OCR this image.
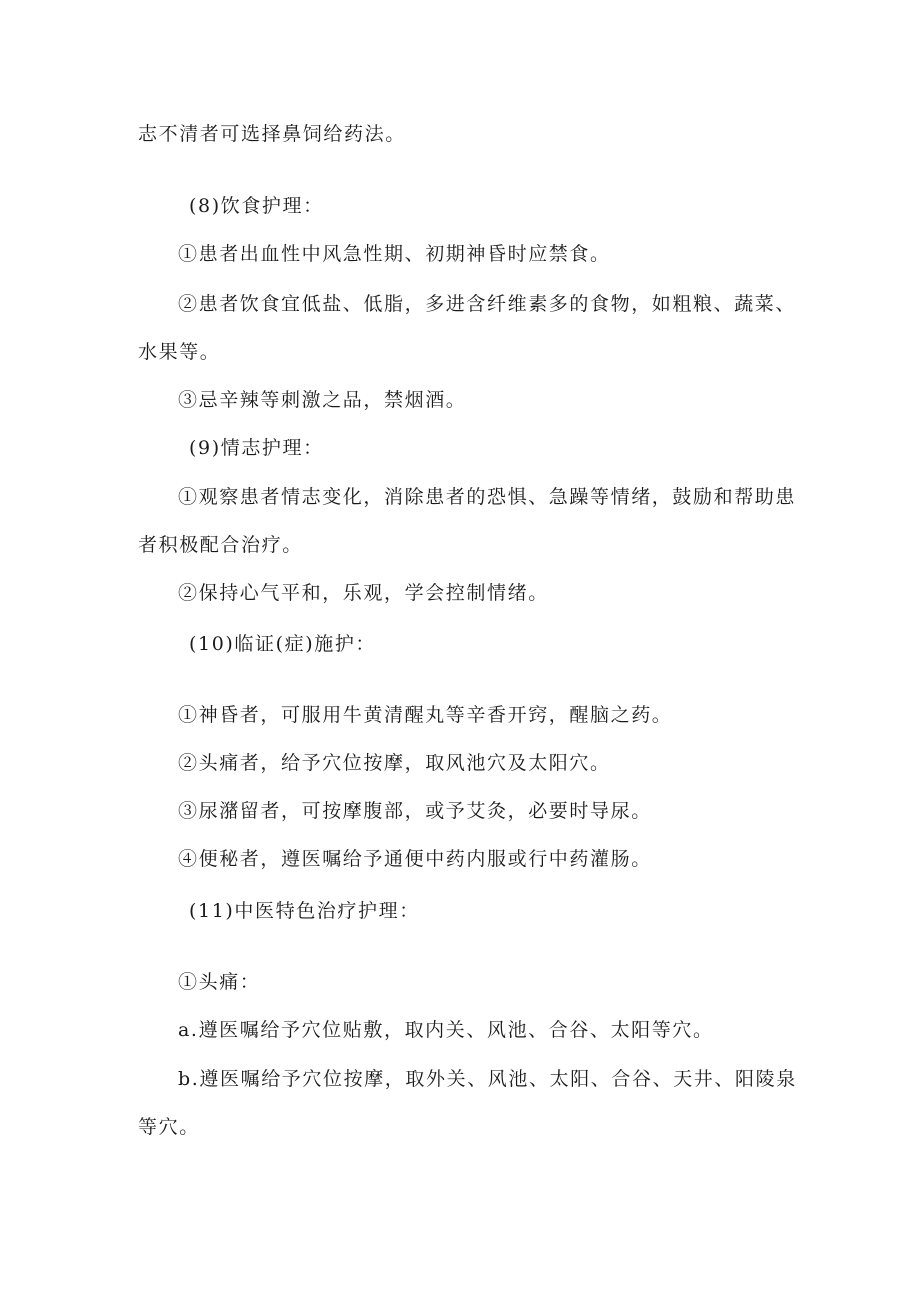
志不清者可选择鼻饲给药法。
(8)饮食护理：
①患者出血性中风急性期、初期神昏时应禁食。
②患者饮食宜低盐、低脂，多进含纤维素多的食物，如粗粮、蔬菜、
水果等。
③忌辛辣等刺激之品，禁烟酒。
(9)情志护理：
①观察患者情志变化，消除患者的恐惧、急躁等情绪，鼓励和帮助患
者积极配合治疗。
②保持心气平和，乐观，学会控制情绪。
(10)临证(症)施护：
①神昏者，可服用牛黄清醒丸等辛香开窍，醒脑之药。
②头痛者，给予穴位按摩，取风池穴及太阳穴。
③尿潴留者，可按摩腹部，或予艾灸，必要时导尿。
④便秘者，遵医嘱给予通便中药内服或行中药灌肠。
(11)中医特色治疗护理：
①头痛：
a.遵医嘱给予穴位贴敷，取内关、风池、合谷、太阳等穴。
b.遵医嘱给予穴位按摩，取外关、风池、太阳、合谷、天井、阳陵泉
等穴。
